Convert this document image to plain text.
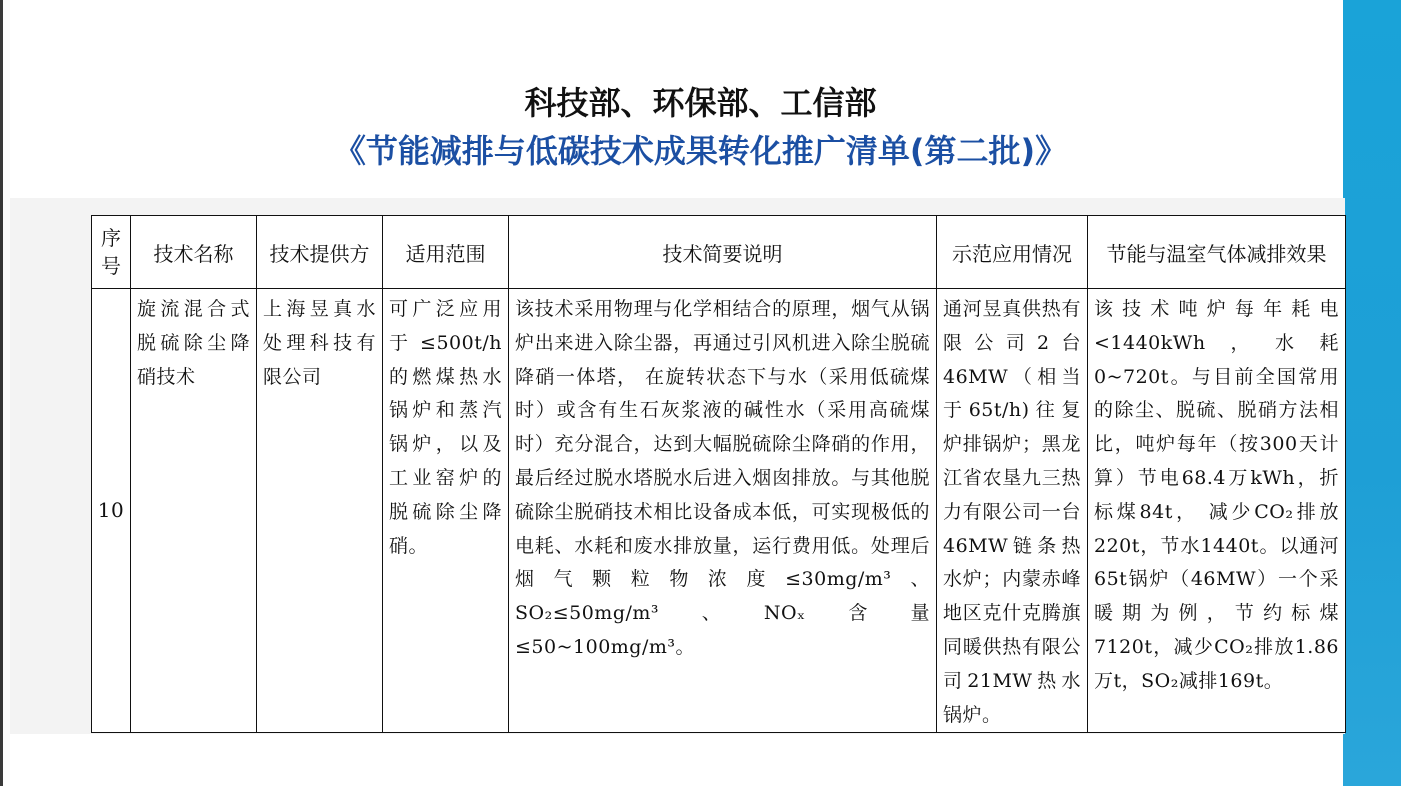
科技部、环保部、工信部
《节能减排与低碳技术成果转化推广清单(第二批)》
序
号	技术名称	技术提供方	适用范围	技术简要说明	示范应用情况	节能与温室气体减排效果
10	旋流混合式脱硫除尘降硝技术	上海昱真水处理科技有限公司	可广泛应用于 ≤500t/h的燃煤热水锅炉和蒸汽锅炉，以及工业窑炉的脱硫除尘降硝。	该技术采用物理与化学相结合的原理，烟气从锅炉出来进入除尘器，再通过引风机进入除尘脱硫降硝一体塔， 在旋转状态下与水（采用低硫煤时）或含有生石灰浆液的碱性水（采用高硫煤时）充分混合，达到大幅脱硫除尘降硝的作用，最后经过脱水塔脱水后进入烟囱排放。与其他脱硫除尘脱硝技术相比设备成本低，可实现极低的电耗、水耗和废水排放量，运行费用低。处理后烟气颗粒物浓度≤30mg/m³、SO₂≤50mg/m³、NOₓ含量≤50~100mg/m³。	通河昱真供热有限公司2台46MW（相当于65t/h)往复炉排锅炉；黑龙江省农垦九三热力有限公司一台46MW链条热水炉；内蒙赤峰地区克什克腾旗同暖供热有限公司21MW热水锅炉。	该技术吨炉每年耗电<1440kWh，水耗0~720t。与目前全国常用的除尘、脱硫、脱硝方法相比，吨炉每年（按300天计算）节电68.4万kWh，折标煤84t， 减少CO₂排放220t，节水1440t。以通河65t锅炉（46MW）一个采暖期为例，节约标煤7120t，减少CO₂排放1.86万t，SO₂减排169t。
